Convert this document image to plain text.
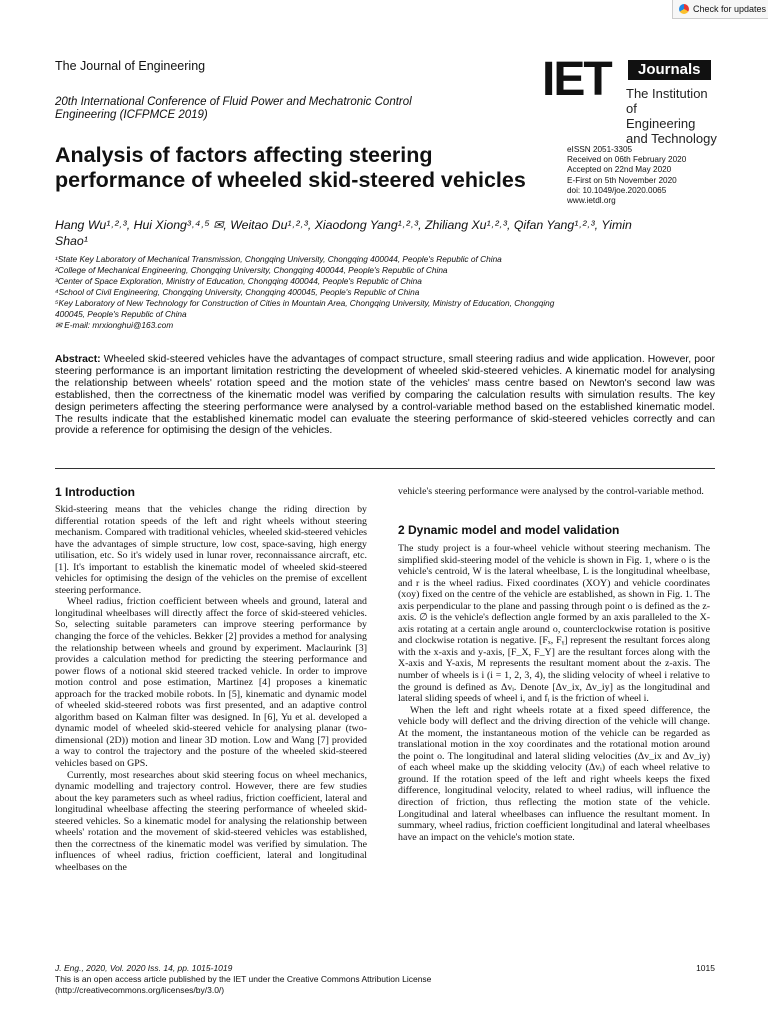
Check for updates
The Journal of Engineering
20th International Conference of Fluid Power and Mechatronic Control
Engineering (ICFPMCE 2019)
IET	Journals
The Institution of
Engineering and Technology
Analysis of factors affecting steering
performance of wheeled skid-steered vehicles
eISSN 2051-3305
Received on 06th February 2020
Accepted on 22nd May 2020
E-First on 5th November 2020
doi: 10.1049/joe.2020.0065
www.ietdl.org
Hang Wu¹˒²˒³, Hui Xiong³˒⁴˒⁵ ✉, Weitao Du¹˒²˒³, Xiaodong Yang¹˒²˒³, Zhiliang Xu¹˒²˒³, Qifan Yang¹˒²˒³, Yimin
Shao¹
¹State Key Laboratory of Mechanical Transmission, Chongqing University, Chongqing 400044, People's Republic of China
²College of Mechanical Engineering, Chongqing University, Chongqing 400044, People's Republic of China
³Center of Space Exploration, Ministry of Education, Chongqing 400044, People's Republic of China
⁴School of Civil Engineering, Chongqing University, Chongqing 400045, People's Republic of China
⁵Key Laboratory of New Technology for Construction of Cities in Mountain Area, Chongqing University, Ministry of Education, Chongqing
400045, People's Republic of China
✉ E-mail: mrxionghui@163.com
Abstract: Wheeled skid-steered vehicles have the advantages of compact structure, small steering radius and wide application. However, poor steering performance is an important limitation restricting the development of wheeled skid-steered vehicles. A kinematic model for analysing the relationship between wheels' rotation speed and the motion state of the vehicles' mass centre based on Newton's second law was established, then the correctness of the kinematic model was verified by comparing the calculation results with simulation results. The key design perimeters affecting the steering performance were analysed by a control-variable method based on the established kinematic model. The results indicate that the established kinematic model can evaluate the steering performance of skid-steered vehicles correctly and can provide a reference for optimising the design of the vehicles.
1 Introduction

Skid-steering means that the vehicles change the riding direction by differential rotation speeds of the left and right wheels without steering mechanism. Compared with traditional vehicles, wheeled skid-steered vehicles have the advantages of simple structure, low cost, space-saving, high energy utilisation, etc. So it's widely used in lunar rover, reconnaissance aircraft, etc. [1]. It's important to establish the kinematic model of wheeled skid-steered vehicles for optimising the design of the vehicles on the premise of excellent steering performance.

Wheel radius, friction coefficient between wheels and ground, lateral and longitudinal wheelbases will directly affect the force of skid-steered vehicles. So, selecting suitable parameters can improve steering performance by changing the force of the vehicles. Bekker [2] provides a method for analysing the relationship between wheels and ground by experiment. Maclaurink [3] provides a calculation method for predicting the steering performance and power flows of a notional skid steered tracked vehicle. In order to improve motion control and pose estimation, Martinez [4] proposes a kinematic approach for the tracked mobile robots. In [5], kinematic and dynamic model of wheeled skid-steered robots was first presented, and an adaptive control algorithm based on Kalman filter was designed. In [6], Yu et al. developed a dynamic model of wheeled skid-steered vehicle for analysing planar (two-dimensional (2D)) motion and linear 3D motion. Low and Wang [7] provided a way to control the trajectory and the posture of the wheeled skid-steered vehicles based on GPS.

Currently, most researches about skid steering focus on wheel mechanics, dynamic modelling and trajectory control. However, there are few studies about the key parameters such as wheel radius, friction coefficient, lateral and longitudinal wheelbase affecting the steering performance of wheeled skid-steered vehicles. So a kinematic model for analysing the relationship between wheels' rotation and the movement of skid-steered vehicles was established, then the correctness of the kinematic model was verified by simulation. The influences of wheel radius, friction coefficient, lateral and longitudinal wheelbases on the

vehicle's steering performance were analysed by the control-variable method.

2 Dynamic model and model validation

The study project is a four-wheel vehicle without steering mechanism. The simplified skid-steering model of the vehicle is shown in Fig. 1, where o is the vehicle's centroid, W is the lateral wheelbase, L is the longitudinal wheelbase, and r is the wheel radius. Fixed coordinates (XOY) and vehicle coordinates (xoy) fixed on the centre of the vehicle are established, as shown in Fig. 1. The axis perpendicular to the plane and passing through point o is defined as the z-axis. ∅ is the vehicle's deflection angle formed by an axis paralleled to the X-axis rotating at a certain angle around o, counterclockwise rotation is positive and clockwise rotation is negative. [Fₓ, Fᵧ] represent the resultant forces along with the x-axis and y-axis, [F_X, F_Y] are the resultant forces along with the X-axis and Y-axis, M represents the resultant moment about the z-axis. The number of wheels is i (i = 1, 2, 3, 4), the sliding velocity of wheel i relative to the ground is defined as Δvᵢ. Denote [Δv_ix, Δv_iy] as the longitudinal and lateral sliding speeds of wheel i, and fᵢ is the friction of wheel i.

When the left and right wheels rotate at a fixed speed difference, the vehicle body will deflect and the driving direction of the vehicle will change. At the moment, the instantaneous motion of the vehicle can be regarded as translational motion in the xoy coordinates and the rotational motion around the point o. The longitudinal and lateral sliding velocities (Δv_ix and Δv_iy) of each wheel make up the skidding velocity (Δvᵢ) of each wheel relative to ground. If the rotation speed of the left and right wheels keeps the fixed difference, longitudinal velocity, related to wheel radius, will influence the direction of friction, thus reflecting the motion state of the vehicle. Longitudinal and lateral wheelbases can influence the resultant moment. In summary, wheel radius, friction coefficient longitudinal and lateral wheelbases have an impact on the vehicle's motion state.

J. Eng., 2020, Vol. 2020 Iss. 14, pp. 1015-1019
This is an open access article published by the IET under the Creative Commons Attribution License
(http://creativecommons.org/licenses/by/3.0/)
1015
